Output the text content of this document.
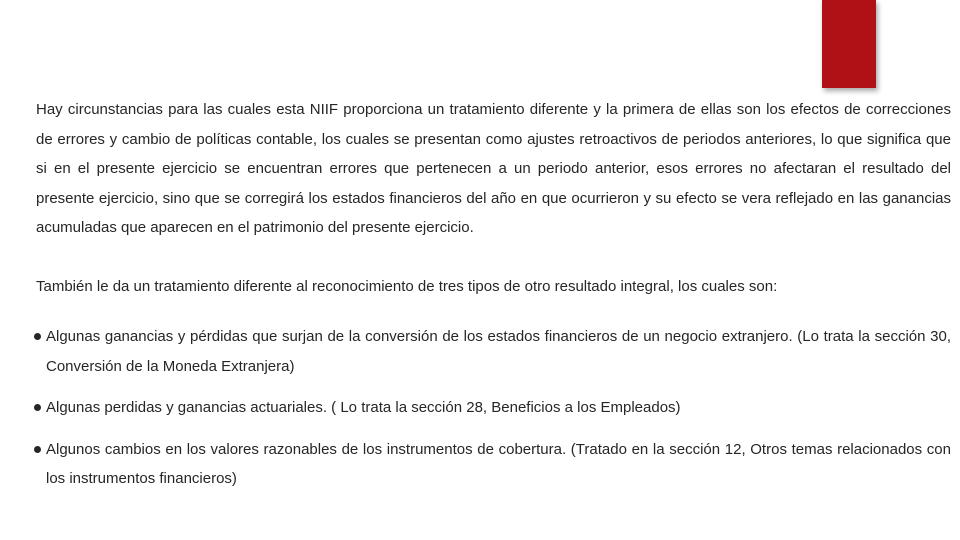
Hay circunstancias para las cuales esta NIIF proporciona un tratamiento diferente y la primera de ellas son los efectos de correcciones de errores y cambio de políticas contable, los cuales se presentan como ajustes retroactivos de periodos anteriores, lo que significa que si en el presente ejercicio se encuentran errores que pertenecen a un periodo anterior, esos errores no afectaran el resultado del presente ejercicio, sino que se corregirá los estados financieros del año en que ocurrieron y su efecto se vera reflejado en las ganancias acumuladas que aparecen en el patrimonio del presente ejercicio.

También le da un tratamiento diferente al reconocimiento de tres tipos de otro resultado integral, los cuales son:

Algunas ganancias y pérdidas que surjan de la conversión de los estados financieros de un negocio extranjero. (Lo trata la sección 30, Conversión de la Moneda Extranjera)
Algunas perdidas y ganancias actuariales. ( Lo trata la sección 28, Beneficios a los Empleados)
Algunos cambios en los valores razonables de los instrumentos de cobertura. (Tratado en la sección 12, Otros temas relacionados con los instrumentos financieros)
